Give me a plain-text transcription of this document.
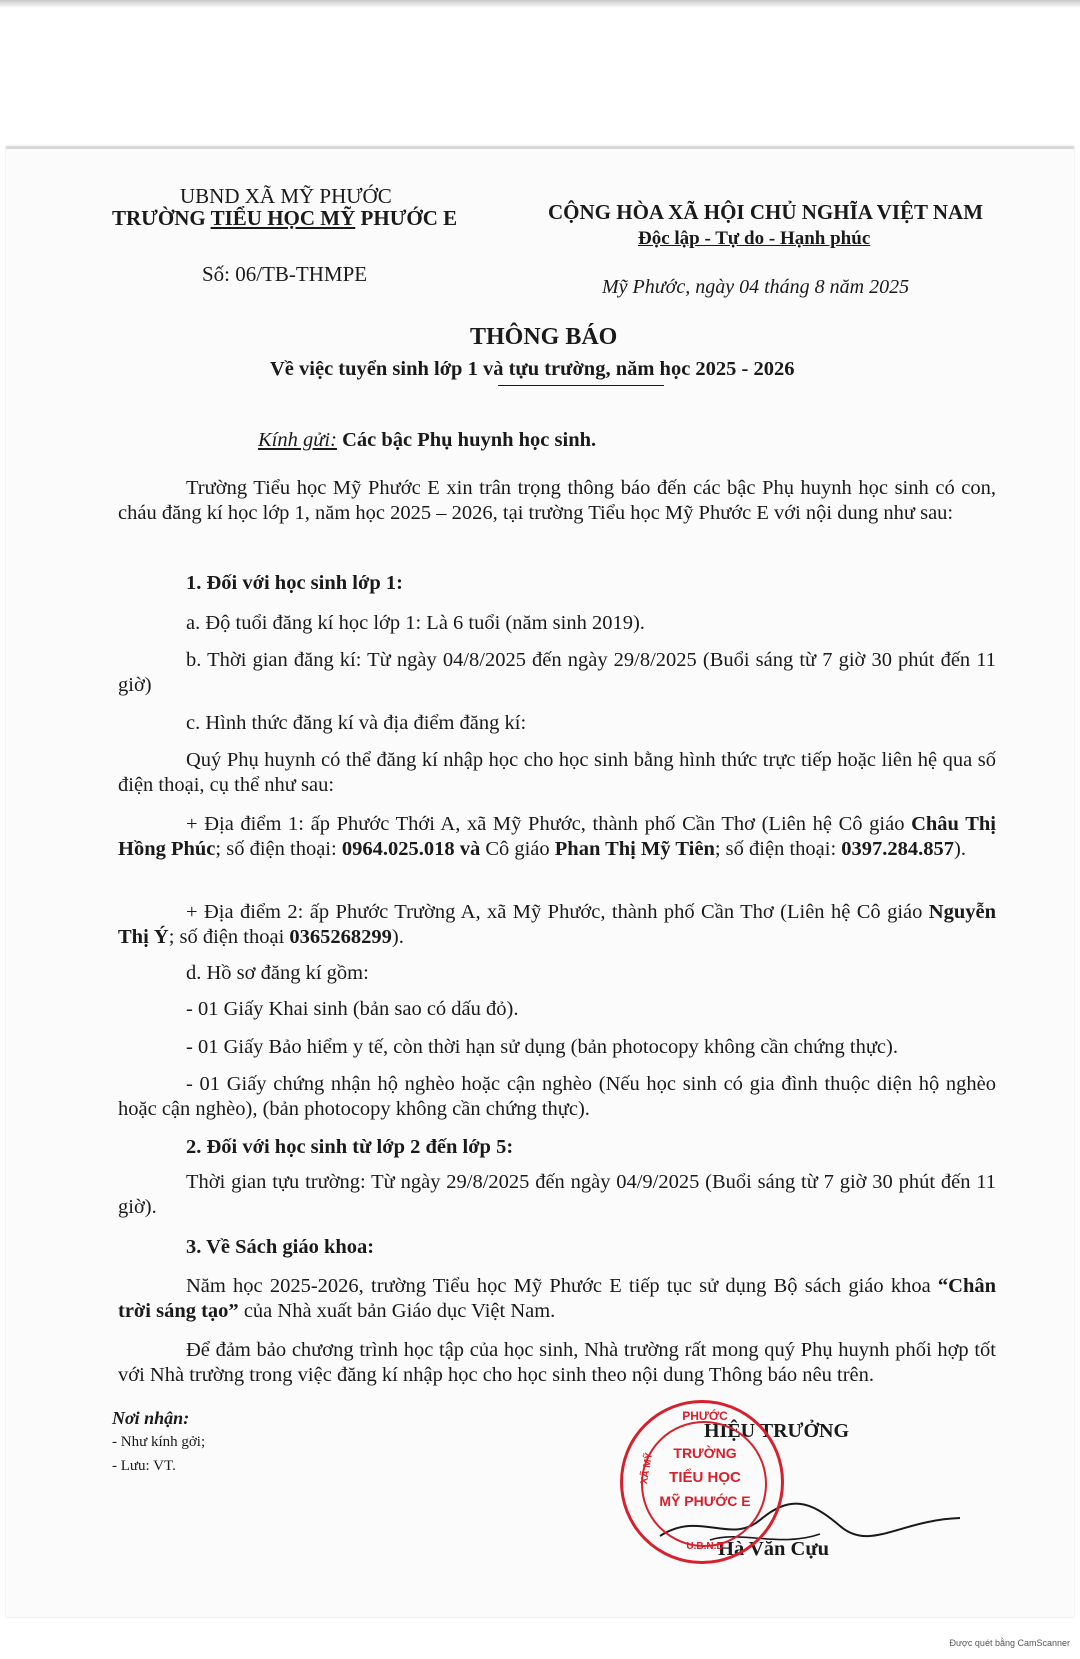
UBND XÃ MỸ PHƯỚC
TRƯỜNG TIỂU HỌC MỸ PHƯỚC E
Số: 06/TB-THMPE
CỘNG HÒA XÃ HỘI CHỦ NGHĨA VIỆT NAM
Độc lập - Tự do - Hạnh phúc
Mỹ Phước, ngày 04 tháng 8 năm 2025
THÔNG BÁO
Về việc tuyển sinh lớp 1 và tựu trường, năm học 2025 - 2026
Kính gửi: Các bậc Phụ huynh học sinh.
Trường Tiểu học Mỹ Phước E xin trân trọng thông báo đến các bậc Phụ huynh học sinh có con, cháu đăng kí học lớp 1, năm học 2025 – 2026, tại trường Tiểu học Mỹ Phước E với nội dung như sau:
1. Đối với học sinh lớp 1:
a. Độ tuổi đăng kí học lớp 1: Là 6 tuổi (năm sinh 2019).
b. Thời gian đăng kí: Từ ngày 04/8/2025 đến ngày 29/8/2025 (Buổi sáng từ 7 giờ 30 phút đến 11 giờ)
c. Hình thức đăng kí và địa điểm đăng kí:
Quý Phụ huynh có thể đăng kí nhập học cho học sinh bằng hình thức trực tiếp hoặc liên hệ qua số điện thoại, cụ thể như sau:
+ Địa điểm 1: ấp Phước Thới A, xã Mỹ Phước, thành phố Cần Thơ (Liên hệ Cô giáo Châu Thị Hồng Phúc; số điện thoại: 0964.025.018 và Cô giáo Phan Thị Mỹ Tiên; số điện thoại: 0397.284.857).
+ Địa điểm 2: ấp Phước Trường A, xã Mỹ Phước, thành phố Cần Thơ (Liên hệ Cô giáo Nguyễn Thị Ý; số điện thoại 0365268299).
d. Hồ sơ đăng kí gồm:
- 01 Giấy Khai sinh (bản sao có dấu đỏ).
- 01 Giấy Bảo hiểm y tế, còn thời hạn sử dụng (bản photocopy không cần chứng thực).
- 01 Giấy chứng nhận hộ nghèo hoặc cận nghèo (Nếu học sinh có gia đình thuộc diện hộ nghèo hoặc cận nghèo), (bản photocopy không cần chứng thực).
2. Đối với học sinh từ lớp 2 đến lớp 5:
Thời gian tựu trường: Từ ngày 29/8/2025 đến ngày 04/9/2025 (Buổi sáng từ 7 giờ 30 phút đến 11 giờ).
3. Về Sách giáo khoa:
Năm học 2025-2026, trường Tiểu học Mỹ Phước E tiếp tục sử dụng Bộ sách giáo khoa “Chân trời sáng tạo” của Nhà xuất bản Giáo dục Việt Nam.
Để đảm bảo chương trình học tập của học sinh, Nhà trường rất mong quý Phụ huynh phối hợp tốt với Nhà trường trong việc đăng kí nhập học cho học sinh theo nội dung Thông báo nêu trên.
Nơi nhận:
- Như kính gởi;
- Lưu: VT.
HIỆU TRƯỞNG
Hà Văn Cựu
PHƯỚC
TRƯỜNG
TIỂU HỌC
MỸ PHƯỚC E
U.B.N.D
XÃ MỸ
Được quét bằng CamScanner
